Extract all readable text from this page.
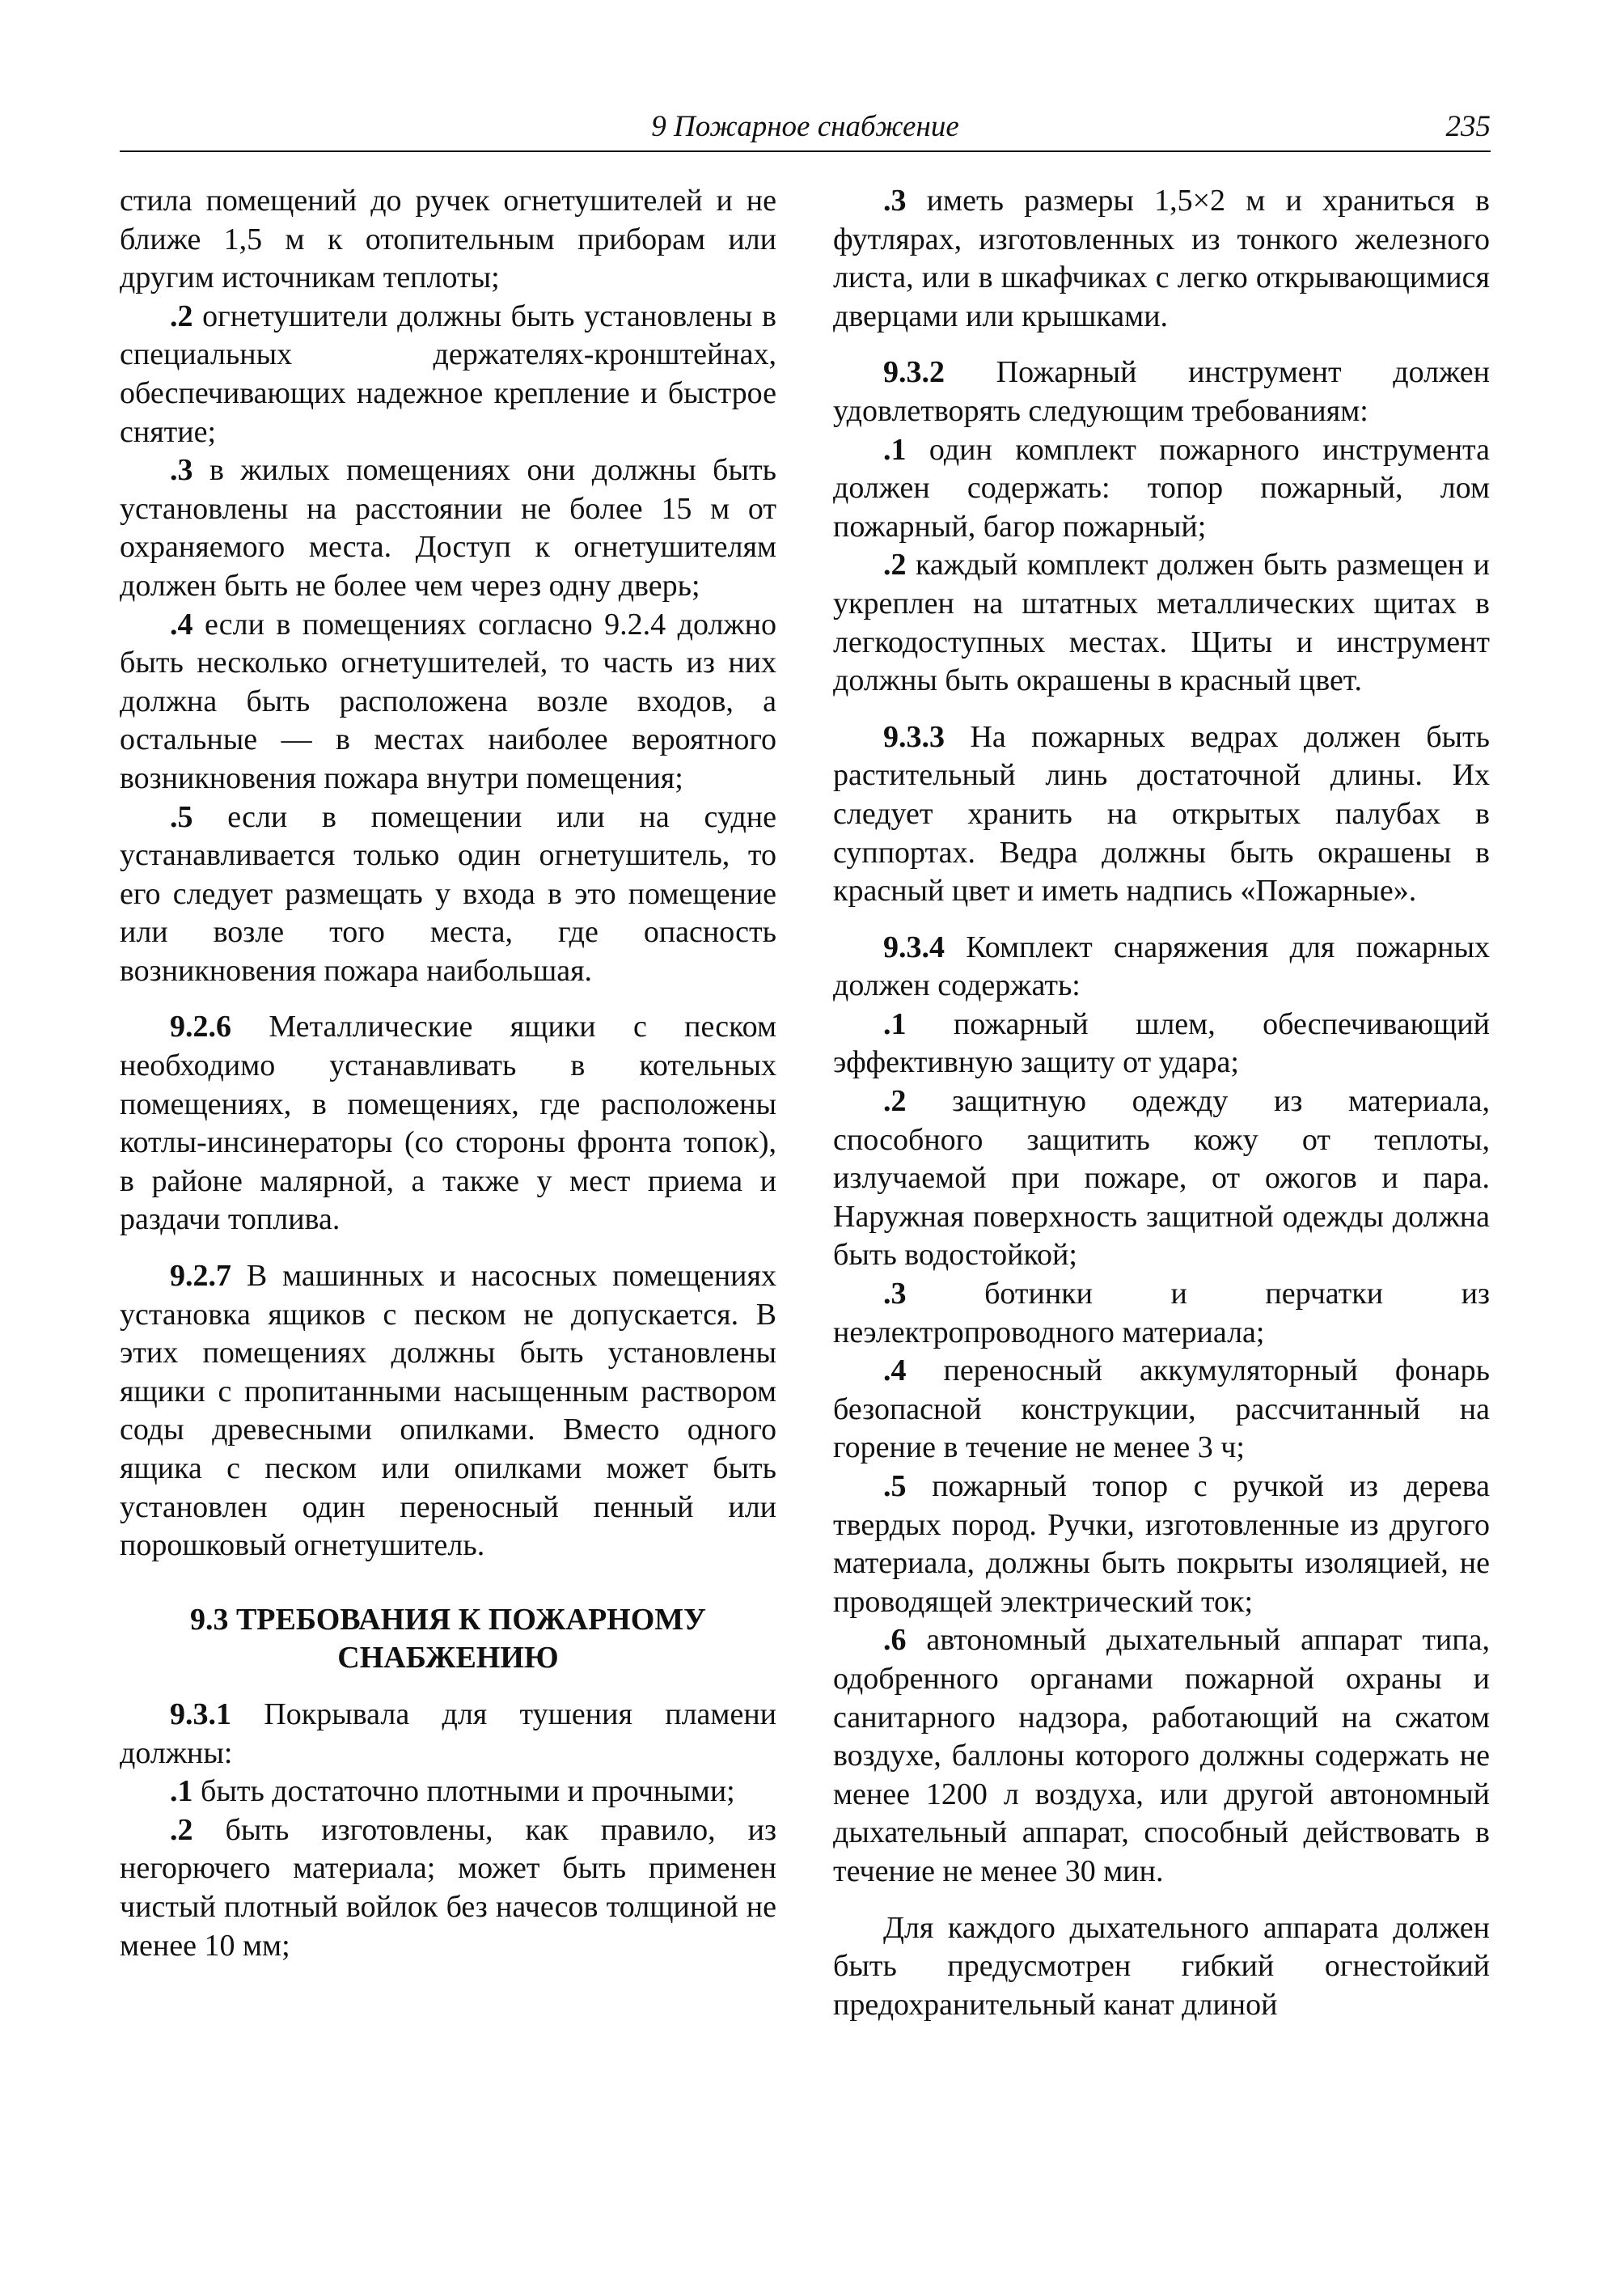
9 Пожарное снабжение	235

стила помещений до ручек огнетушителей и не ближе 1,5 м к отопительным приборам или другим источникам теплоты;

.2 огнетушители должны быть установлены в специальных держателях-кронштейнах, обеспечивающих надежное крепление и быстрое снятие;

.3 в жилых помещениях они должны быть установлены на расстоянии не более 15 м от охраняемого места. Доступ к огнетушителям должен быть не более чем через одну дверь;

.4 если в помещениях согласно 9.2.4 должно быть несколько огнетушителей, то часть из них должна быть расположена возле входов, а остальные — в местах наиболее вероятного возникновения пожара внутри помещения;

.5 если в помещении или на судне устанавливается только один огнетушитель, то его следует размещать у входа в это помещение или возле того места, где опасность возникновения пожара наибольшая.

9.2.6 Металлические ящики с песком необходимо устанавливать в котельных помещениях, в помещениях, где расположены котлы-инсинераторы (со стороны фронта топок), в районе малярной, а также у мест приема и раздачи топлива.

9.2.7 В машинных и насосных помещениях установка ящиков с песком не допускается. В этих помещениях должны быть установлены ящики с пропитанными насыщенным раствором соды древесными опилками. Вместо одного ящика с песком или опилками может быть установлен один переносный пенный или порошковый огнетушитель.

9.3 ТРЕБОВАНИЯ К ПОЖАРНОМУ СНАБЖЕНИЮ

9.3.1 Покрывала для тушения пламени должны:

.1 быть достаточно плотными и прочными;

.2 быть изготовлены, как правило, из негорючего материала; может быть применен чистый плотный войлок без начесов толщиной не менее 10 мм;

.3 иметь размеры 1,5×2 м и храниться в футлярах, изготовленных из тонкого железного листа, или в шкафчиках с легко открывающимися дверцами или крышками.

9.3.2 Пожарный инструмент должен удовлетворять следующим требованиям:

.1 один комплект пожарного инструмента должен содержать: топор пожарный, лом пожарный, багор пожарный;

.2 каждый комплект должен быть размещен и укреплен на штатных металлических щитах в легкодоступных местах. Щиты и инструмент должны быть окрашены в красный цвет.

9.3.3 На пожарных ведрах должен быть растительный линь достаточной длины. Их следует хранить на открытых палубах в суппортах. Ведра должны быть окрашены в красный цвет и иметь надпись «Пожарные».

9.3.4 Комплект снаряжения для пожарных должен содержать:

.1 пожарный шлем, обеспечивающий эффективную защиту от удара;

.2 защитную одежду из материала, способного защитить кожу от теплоты, излучаемой при пожаре, от ожогов и пара. Наружная поверхность защитной одежды должна быть водостойкой;

.3 ботинки и перчатки из неэлектропроводного материала;

.4 переносный аккумуляторный фонарь безопасной конструкции, рассчитанный на горение в течение не менее 3 ч;

.5 пожарный топор с ручкой из дерева твердых пород. Ручки, изготовленные из другого материала, должны быть покрыты изоляцией, не проводящей электрический ток;

.6 автономный дыхательный аппарат типа, одобренного органами пожарной охраны и санитарного надзора, работающий на сжатом воздухе, баллоны которого должны содержать не менее 1200 л воздуха, или другой автономный дыхательный аппарат, способный действовать в течение не менее 30 мин.

Для каждого дыхательного аппарата должен быть предусмотрен гибкий огнестойкий предохранительный канат длиной
